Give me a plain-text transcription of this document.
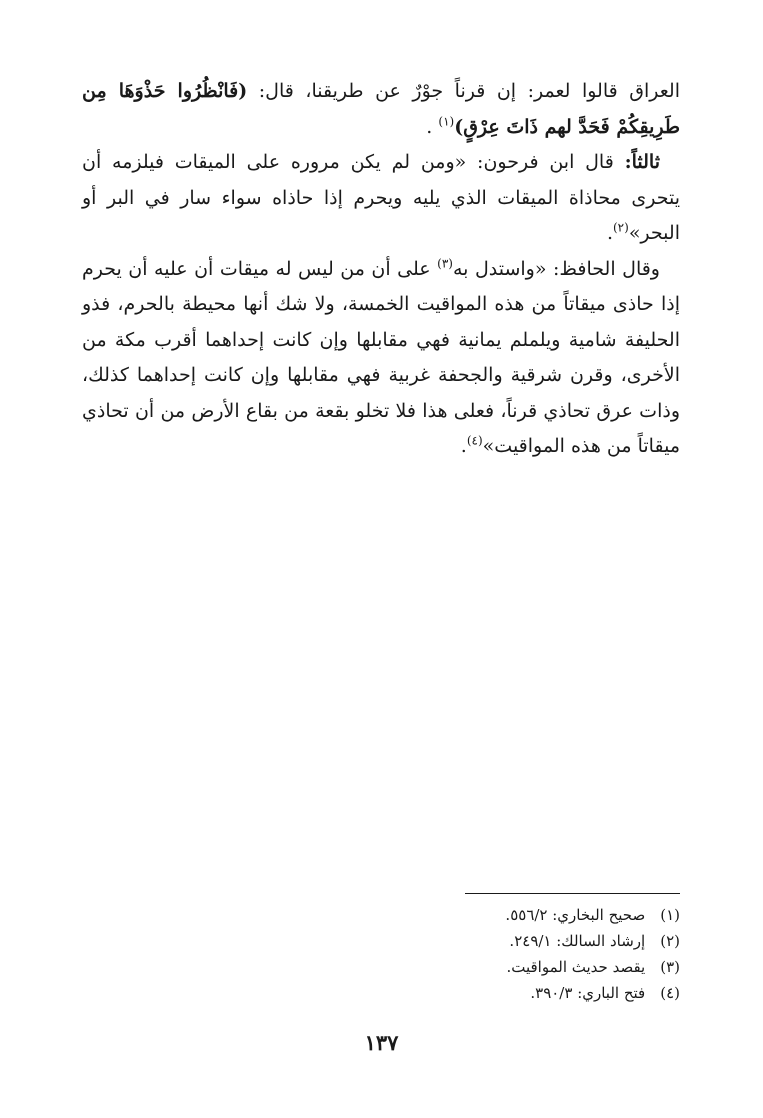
العراق قالوا لعمر: إن قرناً جوْرٌ عن طريقنا، قال: (فَانْظُرُوا حَذْوَهَا مِن طَرِيقِكُمْ فَحَدَّ لهم ذَاتَ عِرْقٍ)$^{(١)}$ .

ثالثاً: قال ابن فرحون: «ومن لم يكن مروره على الميقات فيلزمه أن يتحرى محاذاة الميقات الذي يليه ويحرم إذا حاذاه سواء سار في البر أو البحر»$^{(٢)}$.

وقال الحافظ: «واستدل به$^{(٣)}$ على أن من ليس له ميقات أن عليه أن يحرم إذا حاذى ميقاتاً من هذه المواقيت الخمسة، ولا شك أنها محيطة بالحرم، فذو الحليفة شامية ويلملم يمانية فهي مقابلها وإن كانت إحداهما أقرب مكة من الأخرى، وقرن شرقية والجحفة غربية فهي مقابلها وإن كانت إحداهما كذلك، وذات عرق تحاذي قرناً، فعلى هذا فلا تخلو بقعة من بقاع الأرض من أن تحاذي ميقاتاً من هذه المواقيت»$^{(٤)}$.

(١) صحيح البخاري: ٥٥٦/٢.
(٢) إرشاد السالك: ٢٤٩/١.
(٣) يقصد حديث المواقيت.
(٤) فتح الباري: ٣٩٠/٣.
١٣٧
